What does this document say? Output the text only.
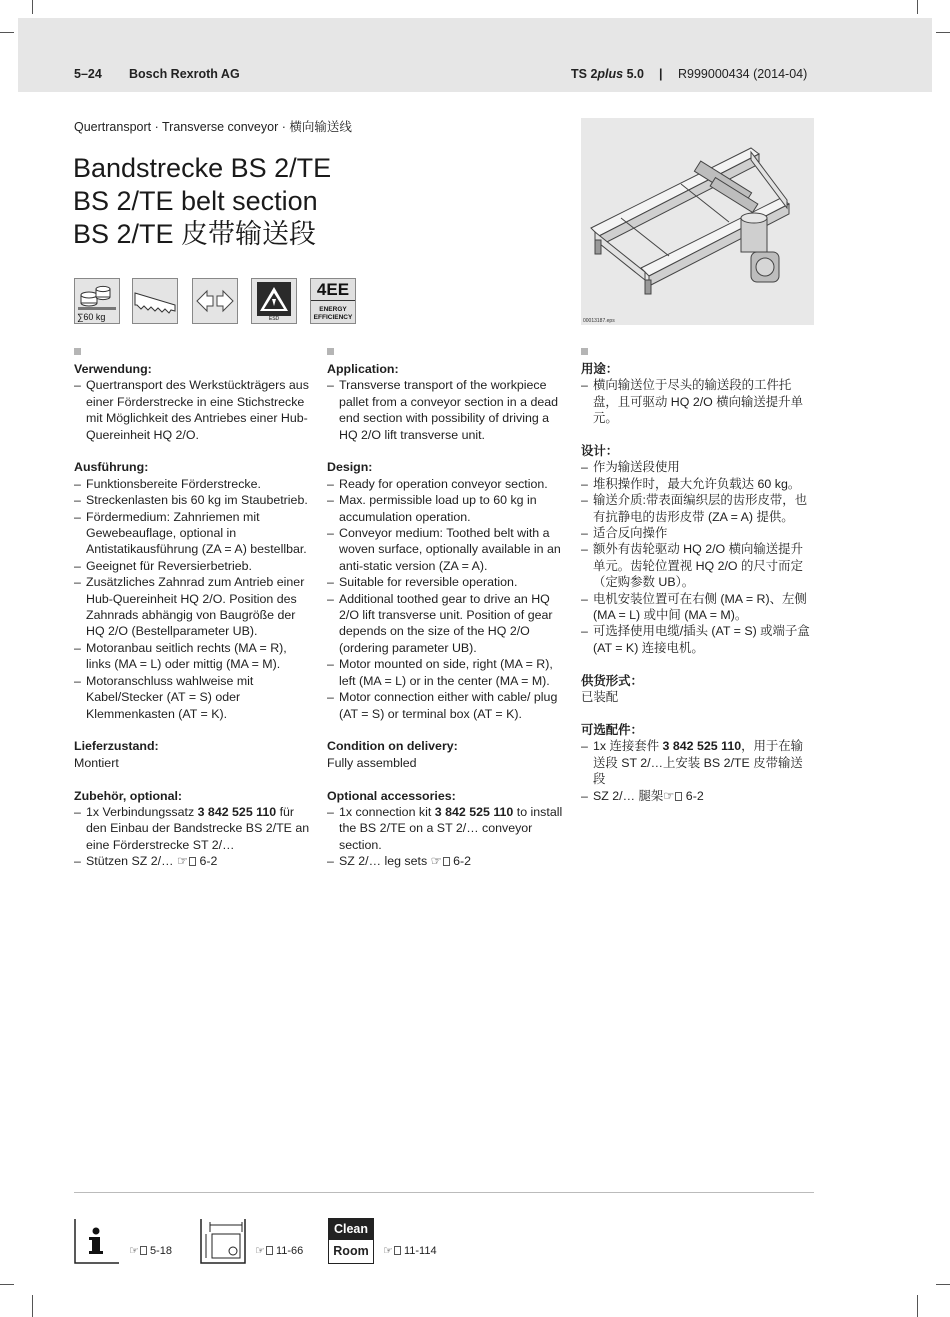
5–24 Bosch Rexroth AG	TS 2plus 5.0 | R999000434 (2014-04)
Quertransport · Transverse conveyor · 横向输送线
Bandstrecke BS 2/TE
BS 2/TE belt section
BS 2/TE 皮带输送段
∑60 kg	ESD
4EE
ENERGY
EFFICIENCY	00013187.eps
Verwendung:
– Quertransport des Werkstückträgers aus einer Förderstrecke in eine Stichstrecke mit Möglichkeit des Antriebes einer Hub-Quereinheit HQ 2/O.
Ausführung:
– Funktionsbereite Förderstrecke.
– Streckenlasten bis 60 kg im Staubetrieb.
– Fördermedium: Zahnriemen mit Gewebeauflage, optional in Antistatikausführung (ZA = A) bestellbar.
– Geeignet für Reversierbetrieb.
– Zusätzliches Zahnrad zum Antrieb einer Hub-Quereinheit HQ 2/O. Position des Zahnrads abhängig von Baugröße der HQ 2/O (Bestellparameter UB).
– Motoranbau seitlich rechts (MA = R), links (MA = L) oder mittig (MA = M).
– Motoranschluss wahlweise mit Kabel/Stecker (AT = S) oder Klemmenkasten (AT = K).
Lieferzustand:

Montiert

Zubehör, optional:
– 1x Verbindungssatz 3 842 525 110 für den Einbau der Bandstrecke BS 2/TE an eine Förderstrecke ST 2/…
– Stützen SZ 2/… ☞ 6-2
Application:
– Transverse transport of the workpiece pallet from a conveyor section in a dead end section with possibility of driving a HQ 2/O lift transverse unit.
Design:
– Ready for operation conveyor section.
– Max. permissible load up to 60 kg in accumulation operation.
– Conveyor medium: Toothed belt with a woven surface, optionally available in an anti-static version (ZA = A).
– Suitable for reversible operation.
– Additional toothed gear to drive an HQ 2/O lift transverse unit. Position of gear depends on the size of the HQ 2/O (ordering parameter UB).
– Motor mounted on side, right (MA = R), left (MA = L) or in the center (MA = M).
– Motor connection either with cable/ plug (AT = S) or terminal box (AT = K).
Condition on delivery:

Fully assembled

Optional accessories:
– 1x connection kit 3 842 525 110 to install the BS 2/TE on a ST 2/… conveyor section.
– SZ 2/… leg sets ☞ 6-2
用途：
– 横向输送位于尽头的输送段的工件托盘，且可驱动 HQ 2/O 横向输送提升单元。
设计：
– 作为输送段使用
– 堆积操作时，最大允许负载达 60 kg。
– 输送介质:带表面编织层的齿形皮带，也有抗静电的齿形皮带 (ZA = A) 提供。
– 适合反向操作
– 额外有齿轮驱动 HQ 2/O 横向输送提升单元。齿轮位置视 HQ 2/O 的尺寸而定（定购参数 UB）。
– 电机安装位置可在右侧 (MA = R)、左侧 (MA = L) 或中间 (MA = M)。
– 可选择使用电缆/插头 (AT = S) 或端子盒 (AT = K) 连接电机。
供货形式：

已装配

可选配件：
– 1x 连接套件 3 842 525 110，用于在输送段 ST 2/…上安装 BS 2/TE 皮带输送段
– SZ 2/… 腿架☞ 6-2
☞ 5-18	☞ 11-66
Clean
Room	☞ 11-114
